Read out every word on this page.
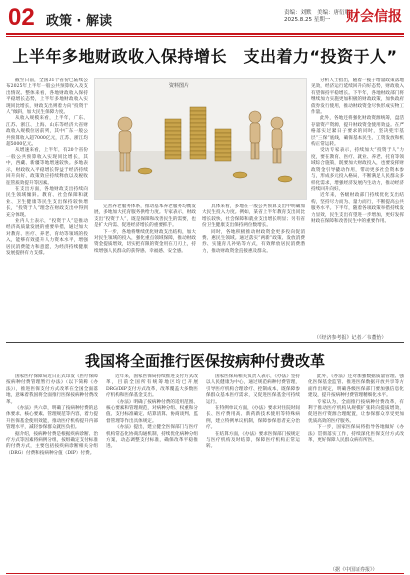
02 政策 · 解读
责编：刘默　美编：唐衍朋
2025.8.25 星期一	财会信报
上半年多地财政收入保持增长　支出着力“投资于人”

截至日前，全国31个省份已陆续公布2025年上半年一般公共预算收入及支出情况。整体来看，各地财政收入保持平稳增长态势，上半年多地财政收入实现同比增长，财政支出则着力向“投资于人”倾斜，加大民生保障力度。

从收入规模来看，上半年，广东、江苏、浙江、上海、山东等经济大省财政收入规模位居前列，其中广东一般公共预算收入超7000亿元，江苏、浙江均超5000亿元。

从增速来看，上半年，有20个省份一般公共预算收入实现同比增长，其中，西藏、新疆等地增速较快。多地表示，财政收入平稳增长得益于经济持续回升向好、政策效应持续释放以及税收征管质效提升等因素。

在支出方面，各地财政支出持续向民生领域倾斜。教育、社会保障和就业、卫生健康等民生支出保持较快增长，“投资于人”理念在财政支出中得到充分体现。

业内人士表示，“投资于人”是推动经济高质量发展的重要举措，通过加大对教育、医疗、养老、育幼等领域的投入，能够有效提升人力资本水平，增强居民消费能力和意愿，为经济持续健康发展提供有力支撑。

资料图片

完善养老服务体系，推动基本养老服务均衡发展，多地加大托育服务供给力度。专家表示，财政支出“投资于人”，既是保障和改善民生的需要，也是扩大内需、促进经济增长的重要抓手。

下一步，各地将继续优化财政支出结构，加大对民生领域的投入，强化重点领域保障，推动财政资金提质增效，切实把有限的资金用在刀刃上，持续增强人民群众的获得感、幸福感、安全感。

具体来看，多地在一般公共预算支出中明确加大民生投入力度。例如，某省上半年教育支出同比增长较快，社会保障和就业支出增长明显；另有省份卫生健康支出保持两位数增长。

同时，各地积极推动财政资金更多投向促消费、惠民生领域。通过落实“两新”政策、发放消费券、实施育儿补贴等方式，有效释放居民消费潜力，推动财政资金直接惠及群众。

分析人士指出，随着一揽子增量政策落地见效，经济运行延续回升向好态势，财政收入有望保持平稳增长。下半年，各地财政部门将继续加力实施更加积极的财政政策，加快政府债券发行使用，推动财政资金尽快形成实物工作量。

此外，各地还将强化财政资源统筹，盘活存量资产资源，提升财政资金使用效益。在严格落实过紧日子要求的同时，坚决兜牢基层“三保”底线，确保基本民生、工资发放和机构正常运转。

受访专家表示，持续加大“投资于人”力度，要在教育、医疗、就业、养老、托育等领域综合施策，既要加大财政投入，也要发挥财政资金引导撬动作用，带动更多社会资本参与，形成多元投入格局，不断满足人民群众多样化需求，增强经济发展内生动力，推动经济持续回升向好。

近年来，各级财政部门持续优化支出结构，坚持尽力而为、量力而行，不断提高公共服务水平。下半年，随着各项政策举措持续发力显效，民生支出有望进一步增加，更好发挥财政在保障和改善民生中的重要作用。

（《经济参考报》记者／韦董怡）
我国将全面推行医保按病种付费改革

国家医疗保障局近日正式印发《医疗保障按病种付费管理暂行办法》（以下简称《办法》），推进医保支付方式改革在全国全面落地，意味着我国将全面推行医保按病种付费改革。

《办法》共六章，明确了按病种付费的总体要求、核心要素、管理规范等内容，着力提升医保基金使用效能，推动医疗机构提升内部管理水平，减轻参保群众就医负担。

据介绍，按病种付费是根据疾病诊断、治疗方式等因素将病例分组，按组确定支付标准的付费方式，主要包括按疾病诊断相关分组（DRG）付费和按病种分值（DIP）付费。

近年来，国家医保局持续推进支付方式改革，目前全国所有统筹地区均已开展DRG/DIP支付方式改革，改革覆盖大多数医疗机构和医保基金支出。

《办法》明确了按病种付费的适用范围、核心要素和管理规范，对病种分组、权重和分值、支付标准确定、结算清算、协商谈判、监督管理等作出具体规定。

《办法》提出，建立健全医保部门与医疗机构常态化协商沟通机制，持续优化病种分组方案，动态调整支付标准，确保改革平稳推进。

国家医保局相关负责人表示，《办法》坚持以人民健康为中心，通过规范病种付费管理，引导医疗机构合理诊疗、控制成本，既保障参保群众基本医疗需求，又促进医保基金可持续运行。

在特例单议方面，《办法》要求对住院时间长、医疗费用高、新药新技术使用等特殊病例，建立特例单议机制，保障参保患者充分治疗。

在结算方面，《办法》要求医保部门按规定与医疗机构及时结算，保障医疗机构正常运转。

此外，《办法》还对加强数据质量管理、强化医保基金监管、推进医保数据开放共享等方面作出规定，明确各级医保部门要加强信息化建设，提升按病种付费管理精细化水平。

专家认为，全面推行按病种付费改革，有利于推动医疗机构从规模扩张转向提质增效，促进医疗资源合理配置，让参保群众享受更加优质高效的医疗服务。

下一步，国家医保局将指导各地做好《办法》贯彻落实工作，持续深化医保支付方式改革，更好保障人民群众病有所医。

（据《中国证券报》）
